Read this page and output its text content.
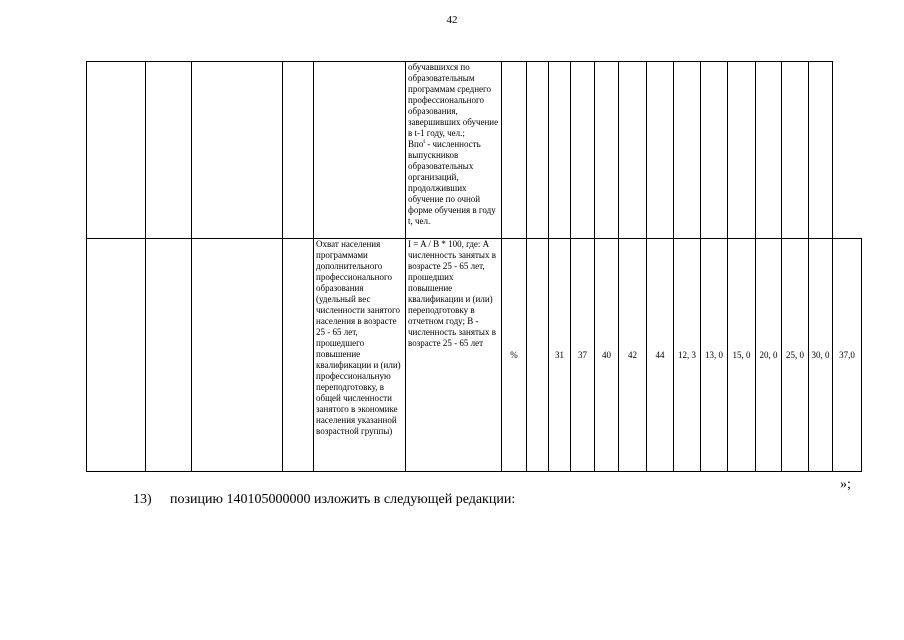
42
					обучавшихся по образовательным программам среднего профессионального образования, завершивших обучение в t-1 году, чел.;
Bпо$^t$ - численность выпускников образовательных организаций, продолживших обучение по очной форме обучения в году t, чел.														
				Охват населения программами дополнительного профессионального образования (удельный вес численности занятого населения в возрасте 25 - 65 лет, прошедшего повышение квалификации и (или) профессиональную переподготовку, в общей численности занятого в экономике населения указанной возрастной группы)	I = A / B * 100, где: A численность занятых в возрасте 25 - 65 лет, прошедших повышение квалификации и (или) переподготовку в отчетном году; B - численность занятых в возрасте 25 - 65 лет	%		31	37	40	42	44	12, 3	13, 0	15, 0	20, 0	25, 0	30, 0	37,0
»;
13) позицию 140105000000 изложить в следующей редакции:
